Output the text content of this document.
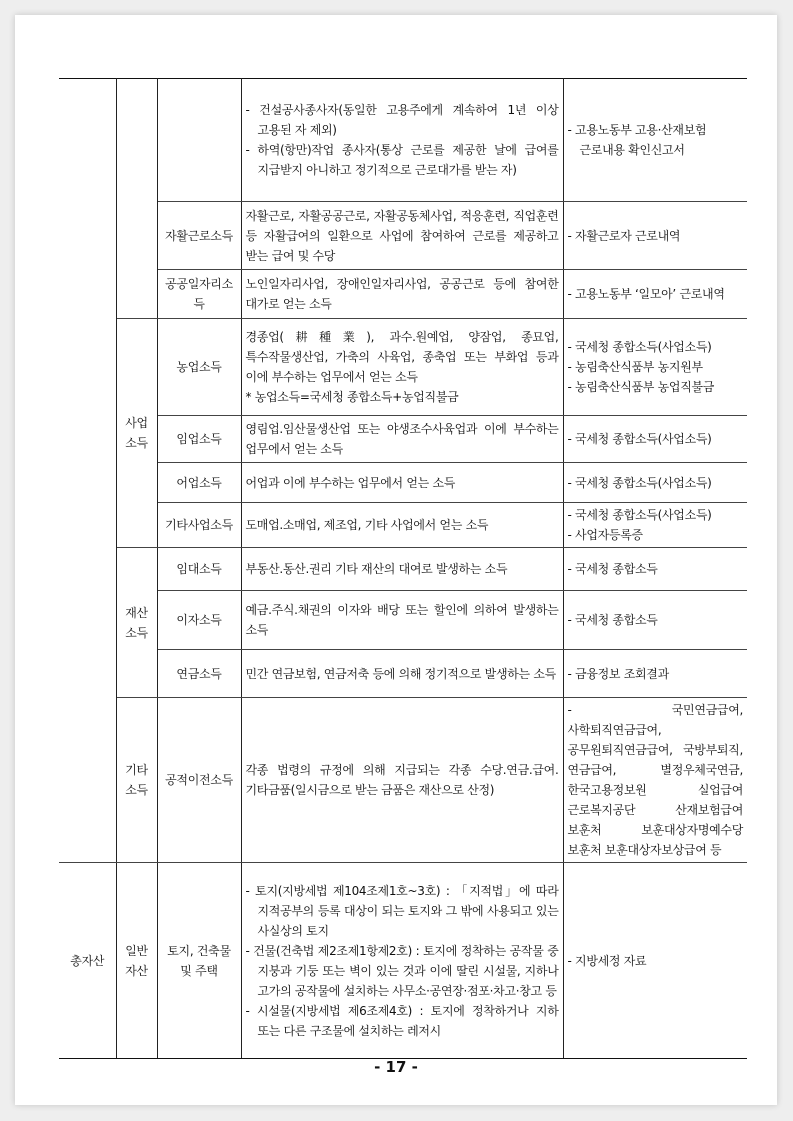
			- 건설공사종사자(동일한 고용주에게 계속하여 1년 이상 고용된 자 제외)
- 하역(항만)작업 종사자(통상 근로를 제공한 날에 급여를 지급받지 아니하고 정기적으로 근로대가를 받는 자)	- 고용노동부 고용·산재보험 근로내용 확인신고서

		자활근로소득	자활근로, 자활공공근로, 자활공동체사업, 적응훈련, 직업훈련 등 자활급여의 일환으로 사업에 참여하여 근로를 제공하고 받는 급여 및 수당	- 자활근로자 근로내역

		공공일자리소득	노인일자리사업, 장애인일자리사업, 공공근로 등에 참여한 대가로 얻는 소득	- 고용노동부 ‘일모아’ 근로내역

	사업소득	농업소득	경종업(耕種業), 과수.원예업, 양잠업, 종묘업, 특수작물생산업, 가축의 사육업, 종축업 또는 부화업 등과 이에 부수하는 업무에서 얻는 소득
* 농업소득=국세청 종합소득+농업직불금	- 국세청 종합소득(사업소득)
- 농림축산식품부 농지원부
- 농림축산식품부 농업직불금

		임업소득	영림업.임산물생산업 또는 야생조수사육업과 이에 부수하는 업무에서 얻는 소득	- 국세청 종합소득(사업소득)

		어업소득	어업과 이에 부수하는 업무에서 얻는 소득	- 국세청 종합소득(사업소득)

		기타사업소득	도매업.소매업, 제조업, 기타 사업에서 얻는 소득	- 국세청 종합소득(사업소득)
- 사업자등록증

	재산소득	임대소득	부동산.동산.권리 기타 재산의 대여로 발생하는 소득	- 국세청 종합소득

		이자소득	예금.주식.채권의 이자와 배당 또는 할인에 의하여 발생하는 소득	- 국세청 종합소득

		연금소득	민간 연금보험, 연금저축 등에 의해 정기적으로 발생하는 소득	- 금융정보 조회결과

	기타소득	공적이전소득	각종 법령의 규정에 의해 지급되는 각종 수당.연금.급여.기타금품(일시금으로 받는 금품은 재산으로 산정)	- 국민연금급여, 사학퇴직연금급여, 공무원퇴직연금급여, 국방부퇴직, 연금급여, 별정우체국연금, 한국고용정보원 실업급여 근로복지공단 산재보험급여 보훈처 보훈대상자명예수당 보훈처 보훈대상자보상급여 등

총자산	일반자산	토지, 건축물 및 주택	- 토지(지방세법 제104조제1호~3호) : 「지적법」에 따라 지적공부의 등록 대상이 되는 토지와 그 밖에 사용되고 있는 사실상의 토지
- 건물(건축법 제2조제1항제2호) : 토지에 정착하는 공작물 중 지붕과 기둥 또는 벽이 있는 것과 이에 딸린 시설물, 지하나 고가의 공작물에 설치하는 사무소·공연장·점포·차고·창고 등
- 시설물(지방세법 제6조제4호) : 토지에 정착하거나 지하 또는 다른 구조물에 설치하는 레저시	- 지방세정 자료
- 17 -
